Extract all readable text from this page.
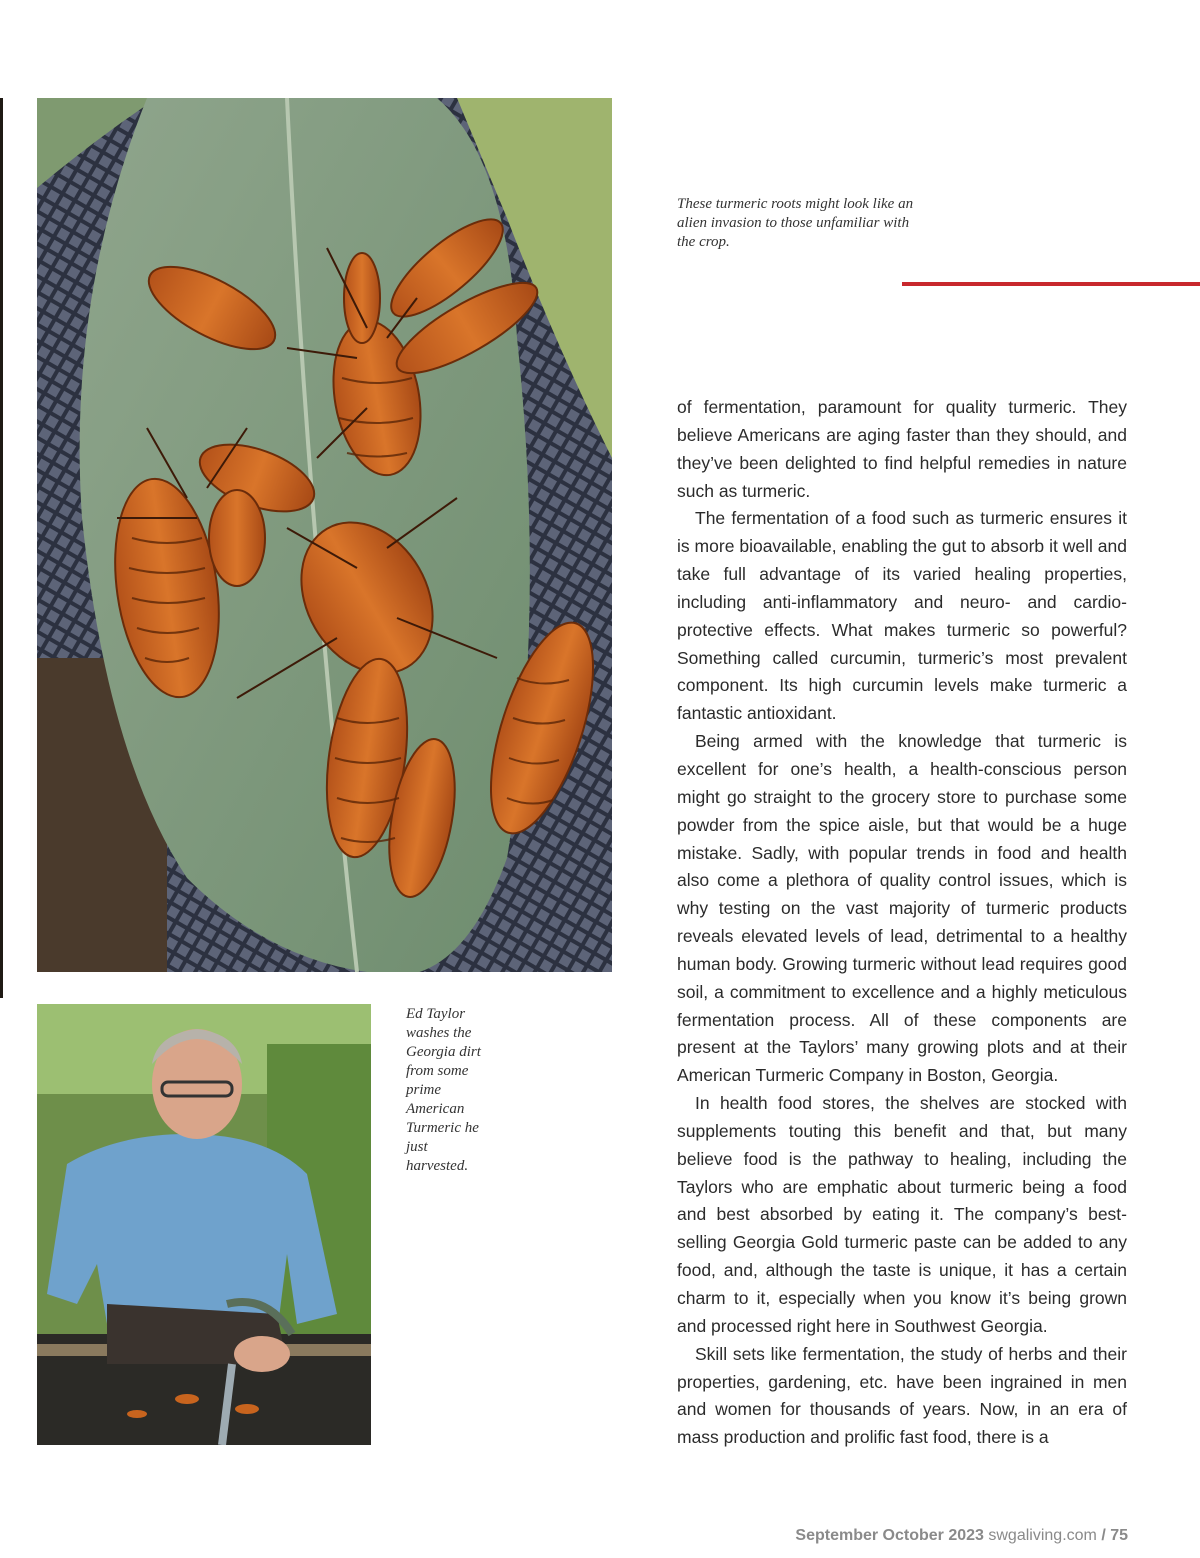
These turmeric roots might look like an alien invasion to those unfamiliar with the crop.
Ed Taylor washes the Georgia dirt from some prime American Turmeric he just harvested.

of fermentation, paramount for quality turmeric. They believe Americans are aging faster than they should, and they’ve been delighted to find helpful remedies in nature such as turmeric.

The fermentation of a food such as turmeric ensures it is more bioavailable, enabling the gut to absorb it well and take full advantage of its varied healing properties, including anti-inflammatory and neuro- and cardio-protective effects. What makes turmeric so powerful? Something called curcumin, turmeric’s most prevalent component. Its high curcumin levels make turmeric a fantastic antioxidant.

Being armed with the knowledge that turmeric is excellent for one’s health, a health-conscious person might go straight to the grocery store to purchase some powder from the spice aisle, but that would be a huge mistake. Sadly, with popular trends in food and health also come a plethora of quality control issues, which is why testing on the vast majority of turmeric products reveals elevated levels of lead, detrimental to a healthy human body. Growing turmeric without lead requires good soil, a commitment to excellence and a highly meticulous fermentation process. All of these components are present at the Taylors’ many growing plots and at their American Turmeric Company in Boston, Georgia.

In health food stores, the shelves are stocked with supplements touting this benefit and that, but many believe food is the pathway to healing, including the Taylors who are emphatic about turmeric being a food and best absorbed by eating it. The company’s best-selling Georgia Gold turmeric paste can be added to any food, and, although the taste is unique, it has a certain charm to it, especially when you know it’s being grown and processed right here in Southwest Georgia.

Skill sets like fermentation, the study of herbs and their properties, gardening, etc. have been ingrained in men and women for thousands of years. Now, in an era of mass production and prolific fast food, there is a

September October 2023 swgaliving.com / 75
